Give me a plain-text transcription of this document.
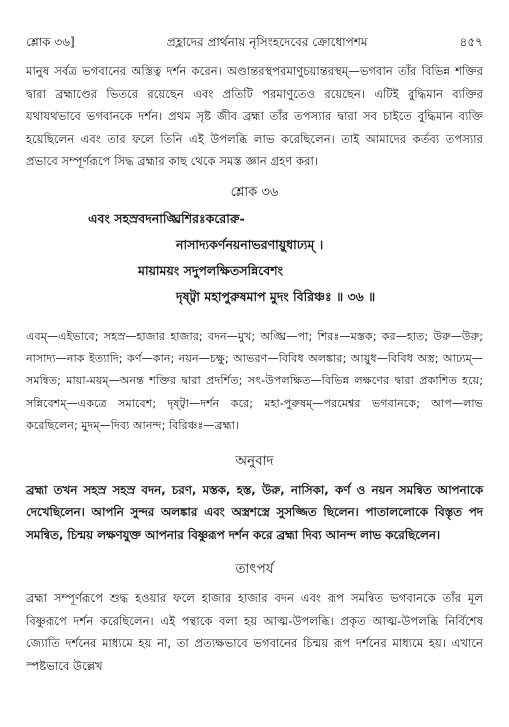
শ্লোক ৩৬]	প্রহ্লাদের প্রার্থনায় নৃসিংহদেবের ক্রোধোপশম	৪৫৭

মানুষ সর্বত্র ভগবানের অস্তিত্ব দর্শন করেন। অণ্ডান্তরস্থপরমাণুচয়ান্তরস্থম্—ভগবান তাঁর বিভিন্ন শক্তির দ্বারা ব্রহ্মাণ্ডের ভিতরে রয়েছেন এবং প্রতিটি পরমাণুতেও রয়েছেন। এটিই বুদ্ধিমান ব্যক্তির যথাযথভাবে ভগবানকে দর্শন। প্রথম সৃষ্ট জীব ব্রহ্মা তাঁর তপস্যার দ্বারা সব চাইতে বুদ্ধিমান ব্যক্তি হয়েছিলেন এবং তার ফলে তিনি এই উপলব্ধি লাভ করেছিলেন। তাই আমাদের কর্তব্য তপস্যার প্রভাবে সম্পূর্ণরূপে সিদ্ধ ব্রহ্মার কাছ থেকে সমস্ত জ্ঞান গ্রহণ করা।

শ্লোক ৩৬
এবং সহস্রবদনাঙ্ঘ্রিশিরঃকরোরু-
নাসাদ্যকর্ণনয়নাভরণায়ুধাঢ্যম্ ।
মায়াময়ং সদুপলক্ষিতসন্নিবেশং
দৃষ্ট্বা মহাপুরুষমাপ মুদং বিরিঞ্চঃ ॥ ৩৬ ॥

এবম্—এইভাবে; সহস্র—হাজার হাজার; বদন—মুখ; অঙ্ঘ্রি—পা; শিরঃ—মস্তক; কর—হাত; উরু—উরু; নাসাদ্য—নাক ইত্যাদি; কর্ণ—কান; নয়ন—চক্ষু; আভরণ—বিবিধ অলঙ্কার; আয়ুধ—বিবিধ অস্ত্র; আঢ্যম্—সমন্বিত; মায়া-ময়ম্—অনন্ত শক্তির দ্বারা প্রদর্শিত; সৎ-উপলক্ষিত—বিভিন্ন লক্ষণের দ্বারা প্রকাশিত হয়ে; সন্নিবেশম্—একত্রে সমাবেশ; দৃষ্ট্বা—দর্শন করে; মহা-পুরুষম্—পরমেশ্বর ভগবানকে; আপ—লাভ করেছিলেন; মুদম্—দিব্য আনন্দ; বিরিঞ্চঃ—ব্রহ্মা।

অনুবাদ

ব্রহ্মা তখন সহস্র সহস্র বদন, চরণ, মস্তক, হস্ত, উরু, নাসিকা, কর্ণ ও নয়ন সমন্বিত আপনাকে দেখেছিলেন। আপনি সুন্দর অলঙ্কার এবং অস্ত্রশস্ত্রে সুসজ্জিত ছিলেন। পাতাললোকে বিস্তৃত পদ সমন্বিত, চিন্ময় লক্ষণযুক্ত আপনার বিষ্ণুরূপ দর্শন করে ব্রহ্মা দিব্য আনন্দ লাভ করেছিলেন।

তাৎপর্য

ব্রহ্মা সম্পূর্ণরূপে শুদ্ধ হওয়ার ফলে হাজার হাজার বদন এবং রূপ সমন্বিত ভগবানকে তাঁর মূল বিষ্ণুরূপে দর্শন করেছিলেন। এই পন্থাকে বলা হয় আত্ম-উপলব্ধি। প্রকৃত আত্ম-উপলব্ধি নির্বিশেষ জ্যোতি দর্শনের মাধ্যমে হয় না, তা প্রত্যক্ষভাবে ভগবানের চিন্ময় রূপ দর্শনের মাধ্যমে হয়। এখানে স্পষ্টভাবে উল্লেখ
